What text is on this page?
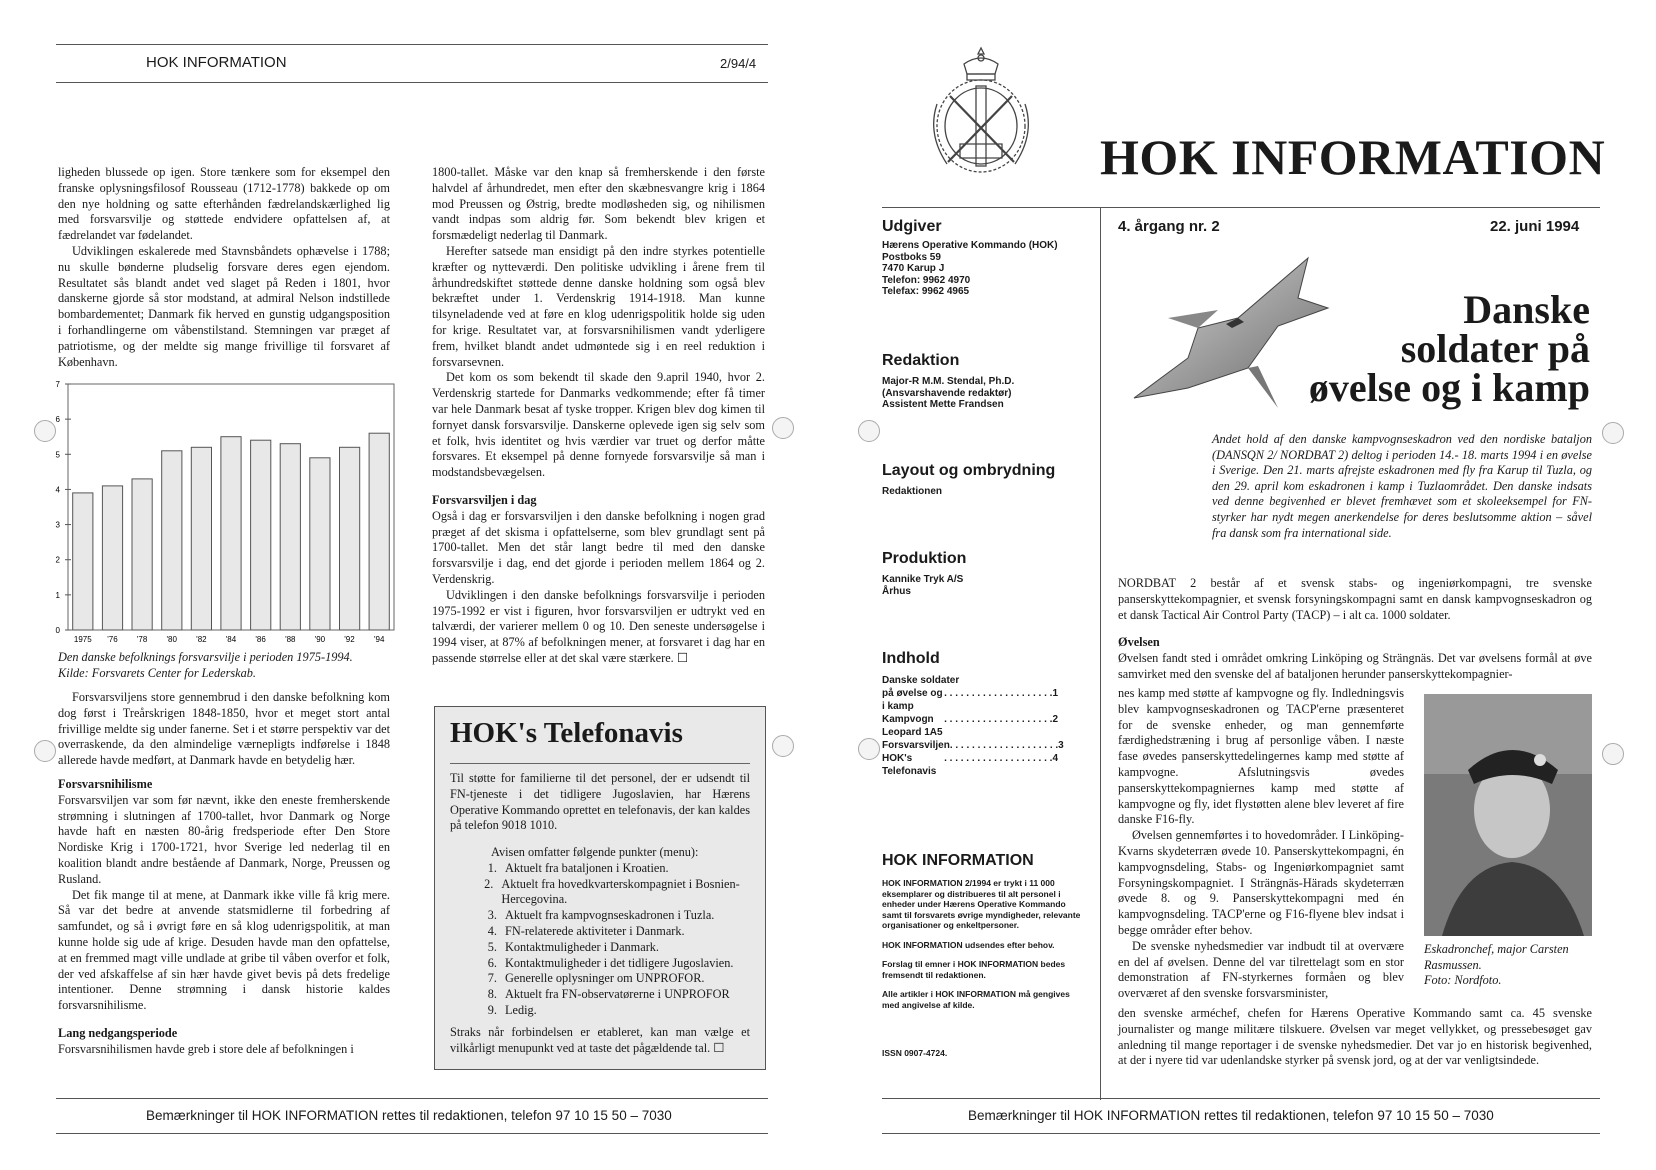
HOK INFORMATION	2/94/4

ligheden blussede op igen. Store tænkere som for eksempel den franske oplysningsfilosof Rousseau (1712-1778) bakkede op om den nye holdning og satte efterhånden fædrelandskærlighed lig med forsvarsvilje og støttede endvidere opfattelsen af, at fædrelandet var fødelandet.

Udviklingen eskalerede med Stavnsbåndets ophævelse i 1788; nu skulle bønderne pludselig forsvare deres egen ejendom. Resultatet sås blandt andet ved slaget på Reden i 1801, hvor danskerne gjorde så stor modstand, at admiral Nelson indstillede bombardementet; Danmark fik herved en gunstig udgangsposition i forhandlingerne om våbenstilstand. Stemningen var præget af patriotisme, og der meldte sig mange frivillige til forsvaret af København.

0
1
2
3
4
5
6
7
1975 '76 '78 '80 '82 '84 '86 '88 '90 '92 '94
Den danske befolknings forsvarsvilje i perioden 1975-1994.
Kilde: Forsvarets Center for Lederskab.

Forsvarsviljens store gennembrud i den danske befolkning kom dog først i Treårskrigen 1848-1850, hvor et meget stort antal frivillige meldte sig under fanerne. Set i et større perspektiv var det overraskende, da den almindelige værnepligts indførelse i 1848 allerede havde medført, at Danmark havde en betydelig hær.

Forsvarsnihilisme

Forsvarsviljen var som før nævnt, ikke den eneste fremherskende strømning i slutningen af 1700-tallet, hvor Danmark og Norge havde haft en næsten 80-årig fredsperiode efter Den Store Nordiske Krig i 1700-1721, hvor Sverige led nederlag til en koalition blandt andre bestående af Danmark, Norge, Preussen og Rusland.

Det fik mange til at mene, at Danmark ikke ville få krig mere. Så var det bedre at anvende statsmidlerne til forbedring af samfundet, og så i øvrigt føre en så klog udenrigspolitik, at man kunne holde sig ude af krige. Desuden havde man den opfattelse, at en fremmed magt ville undlade at gribe til våben overfor et folk, der ved afskaffelse af sin hær havde givet bevis på dets fredelige intentioner. Denne strømning i dansk historie kaldes forsvarsnihilisme.

Lang nedgangsperiode

Forsvarsnihilismen havde greb i store dele af befolkningen i

1800-tallet. Måske var den knap så fremherskende i den første halvdel af århundredet, men efter den skæbnesvangre krig i 1864 mod Preussen og Østrig, bredte modløsheden sig, og nihilismen vandt indpas som aldrig før. Som bekendt blev krigen et forsmædeligt nederlag til Danmark.

Herefter satsede man ensidigt på den indre styrkes potentielle kræfter og nytteværdi. Den politiske udvikling i årene frem til århundredskiftet støttede denne danske holdning som også blev bekræftet under 1. Verdenskrig 1914-1918. Man kunne tilsyneladende ved at føre en klog udenrigspolitik holde sig uden for krige. Resultatet var, at forsvarsnihilismen vandt yderligere frem, hvilket blandt andet udmøntede sig i en reel reduktion i forsvarsevnen.

Det kom os som bekendt til skade den 9.april 1940, hvor 2. Verdenskrig startede for Danmarks vedkommende; efter få timer var hele Danmark besat af tyske tropper. Krigen blev dog kimen til fornyet dansk forsvarsvilje. Danskerne oplevede igen sig selv som et folk, hvis identitet og hvis værdier var truet og derfor måtte forsvares. Et eksempel på denne fornyede forsvarsvilje så man i modstandsbevægelsen.

Forsvarsviljen i dag

Også i dag er forsvarsviljen i den danske befolkning i nogen grad præget af det skisma i opfattelserne, som blev grundlagt sent på 1700-tallet. Men det står langt bedre til med den danske forsvarsvilje i dag, end det gjorde i perioden mellem 1864 og 2. Verdenskrig.

Udviklingen i den danske befolknings forsvarsvilje i perioden 1975-1992 er vist i figuren, hvor forsvarsviljen er udtrykt ved en talværdi, der varierer mellem 0 og 10. Den seneste undersøgelse i 1994 viser, at 87% af befolkningen mener, at forsvaret i dag har en passende størrelse eller at det skal være stærkere. ☐

HOK's Telefonavis
Til støtte for familierne til det personel, der er udsendt til FN-tjeneste i det tidligere Jugoslavien, har Hærens Operative Kommando oprettet en telefonavis, der kan kaldes på telefon 9018 1010.
Avisen omfatter følgende punkter (menu):
1. Aktuelt fra bataljonen i Kroatien.
2. Aktuelt fra hovedkvarterskompagniet i Bosnien-Hercegovina.
3. Aktuelt fra kampvognseskadronen i Tuzla.
4. FN-relaterede aktiviteter i Danmark.
5. Kontaktmuligheder i Danmark.
6. Kontaktmuligheder i det tidligere Jugoslavien.
7. Generelle oplysninger om UNPROFOR.
8. Aktuelt fra FN-observatørerne i UNPROFOR
9. Ledig.
Straks når forbindelsen er etableret, kan man vælge et vilkårligt menupunkt ved at taste det pågældende tal. ☐
Bemærkninger til HOK INFORMATION rettes til redaktionen, telefon 97 10 15 50 – 7030
HOK INFORMATION
Udgiver
Hærens Operative Kommando (HOK)
Postboks 59
7470 Karup J
Telefon: 9962 4970
Telefax: 9962 4965
Redaktion
Major-R M.M. Stendal, Ph.D.
(Ansvarshavende redaktør)
Assistent Mette Frandsen
Layout og ombrydning
Redaktionen
Produktion
Kannike Tryk A/S
Århus
Indhold
Danske soldater
på øvelse og i kamp
. . . . . . . . . . . . . . . . . . . . 1
Kampvogn Leopard 1A5
. . . . . . . . . . . . . . . . . . . . 2
Forsvarsviljen . . . . . . . . . . . . . . . . . . . . 3
HOK's Telefonavis
. . . . . . . . . . . . . . . . . . . . 4
HOK INFORMATION
HOK INFORMATION 2/1994 er trykt i 11 000 eksemplarer og distribueres til alt personel i enheder under Hærens Operative Kommando samt til forsvarets øvrige myndigheder, relevante organisationer og enkeltpersoner.
HOK INFORMATION udsendes efter behov.
Forslag til emner i HOK INFORMATION bedes fremsendt til redaktionen.
Alle artikler i HOK INFORMATION må gengives med angivelse af kilde.
ISSN 0907-4724.
4. årgang nr. 2	22. juni 1994
Danske
soldater på
øvelse og i kamp
Andet hold af den danske kampvognseskadron ved den nordiske bataljon (DANSQN 2/ NORDBAT 2) deltog i perioden 14.- 18. marts 1994 i en øvelse i Sverige. Den 21. marts afrejste eskadronen med fly fra Karup til Tuzla, og den 29. april kom eskadronen i kamp i Tuzlaområdet. Den danske indsats ved denne begivenhed er blevet fremhævet som et skoleeksempel for FN-styrker har nydt megen anerkendelse for deres beslutsomme aktion – såvel fra dansk som fra international side.

NORDBAT 2 består af et svensk stabs- og ingeniørkompagni, tre svenske panserskyttekompagnier, et svensk forsyningskompagni samt en dansk kampvognseskadron og et dansk Tactical Air Control Party (TACP) – i alt ca. 1000 soldater.

Øvelsen

Øvelsen fandt sted i området omkring Linköping og Strängnäs. Det var øvelsens formål at øve samvirket med den svenske del af bataljonen herunder panserskyttekompagnier-

nes kamp med støtte af kampvogne og fly. Indledningsvis blev kampvognseskadronen og TACP'erne præsenteret for de svenske enheder, og man gennemførte færdighedstræning i brug af personlige våben. I næste fase øvedes panserskyttedelingernes kamp med støtte af kampvogne. Afslutningsvis øvedes panserskyttekompagniernes kamp med støtte af kampvogne og fly, idet flystøtten alene blev leveret af fire danske F16-fly.

Øvelsen gennemførtes i to hovedområder. I Linköping-Kvarns skydeterræn øvede 10. Panserskyttekompagni, én kampvognsdeling, Stabs- og Ingeniørkompagniet samt Forsyningskompagniet. I Strängnäs-Härads skydeterræn øvede 8. og 9. Panserskyttekompagni med én kampvognsdeling. TACP'erne og F16-flyene blev indsat i begge områder efter behov.

De svenske nyhedsmedier var indbudt til at overvære en del af øvelsen. Denne del var tilrettelagt som en stor demonstration af FN-styrkernes formåen og blev overværet af den svenske forsvarsminister,

Eskadronchef, major Carsten
Rasmussen.
Foto: Nordfoto.

den svenske arméchef, chefen for Hærens Operative Kommando samt ca. 45 svenske journalister og mange militære tilskuere. Øvelsen var meget vellykket, og pressebesøget gav anledning til mange reportager i de svenske nyhedsmedier. Det var jo en historisk begivenhed, at der i nyere tid var udenlandske styrker på svensk jord, og at der var venligtsindede.

Bemærkninger til HOK INFORMATION rettes til redaktionen, telefon 97 10 15 50 – 7030
